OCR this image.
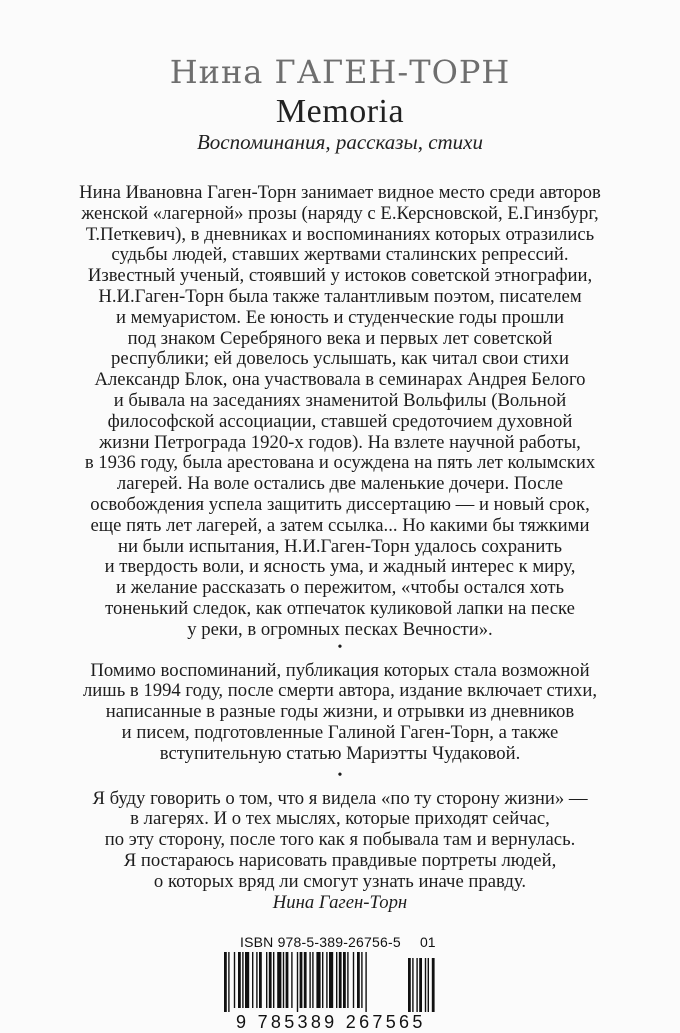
Нина ГАГЕН-ТОРН
Memoria
Воспоминания, рассказы, стихи
Нина Ивановна Гаген-Торн занимает видное место среди авторов
женской «лагерной» прозы (наряду с Е.Керсновской, Е.Гинзбург,
Т.Петкевич), в дневниках и воспоминаниях которых отразились
судьбы людей, ставших жертвами сталинских репрессий.
Известный ученый, стоявший у истоков советской этнографии,
Н.И.Гаген-Торн была также талантливым поэтом, писателем
и мемуаристом. Ее юность и студенческие годы прошли
под знаком Серебряного века и первых лет советской
республики; ей довелось услышать, как читал свои стихи
Александр Блок, она участвовала в семинарах Андрея Белого
и бывала на заседаниях знаменитой Вольфилы (Вольной
философской ассоциации, ставшей средоточием духовной
жизни Петрограда 1920-х годов). На взлете научной работы,
в 1936 году, была арестована и осуждена на пять лет колымских
лагерей. На воле остались две маленькие дочери. После
освобождения успела защитить диссертацию — и новый срок,
еще пять лет лагерей, а затем ссылка... Но какими бы тяжкими
ни были испытания, Н.И.Гаген-Торн удалось сохранить
и твердость воли, и ясность ума, и жадный интерес к миру,
и желание рассказать о пережитом, «чтобы остался хоть
тоненький следок, как отпечаток куликовой лапки на песке
у реки, в огромных песках Вечности».
•
Помимо воспоминаний, публикация которых стала возможной
лишь в 1994 году, после смерти автора, издание включает стихи,
написанные в разные годы жизни, и отрывки из дневников
и писем, подготовленные Галиной Гаген-Торн, а также
вступительную статью Мариэтты Чудаковой.
•
Я буду говорить о том, что я видела «по ту сторону жизни» —
в лагерях. И о тех мыслях, которые приходят сейчас,
по эту сторону, после того как я побывала там и вернулась.
Я постараюсь нарисовать правдивые портреты людей,
о которых вряд ли смогут узнать иначе правду.
Нина Гаген-Торн
ISBN 978-5-389-26756-5 01
9 785389 267565
